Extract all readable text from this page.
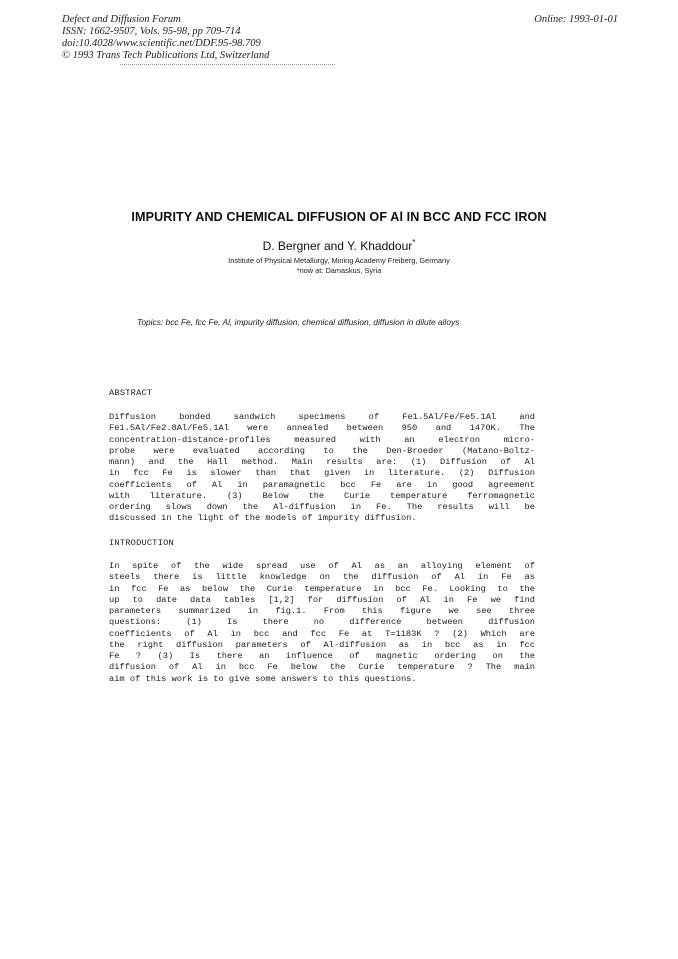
Defect and Diffusion Forum
ISSN: 1662-9507, Vols. 95-98, pp 709-714
doi:10.4028/www.scientific.net/DDF.95-98.709
© 1993 Trans Tech Publications Ltd, Switzerland
Online: 1993-01-01
IMPURITY AND CHEMICAL DIFFUSION OF Al IN BCC AND FCC IRON
D. Bergner and Y. Khaddour*
Institute of Physical Metallurgy, Mining Academy Freiberg, Germany
*now at: Damaskus, Syria
Topics: bcc Fe, fcc Fe, Al, impurity diffusion, chemical diffusion, diffusion in dilute alloys
ABSTRACT
Diffusion bonded sandwich specimens of Fe1.5Al/Fe/Fe5.1Al and
Fe1.5Al/Fe2.8Al/Fe5.1Al were annealed between 950 and 1470K. The
concentration-distance-profiles measured with an electron micro-
probe were evaluated according to the Den-Broeder (Matano-Boltz-
mann) and the Hall method. Main results are: (1) Diffusion of Al
in fcc Fe is slower than that given in literature. (2) Diffusion
coefficients of Al in paramagnetic bcc Fe are in good agreement
with literature. (3) Below the Curie temperature ferromagnetic
ordering slows down the Al-diffusion in Fe. The results will be
discussed in the light of the models of impurity diffusion.
INTRODUCTION
In spite of the wide spread use of Al as an alloying element of
steels there is little knowledge on the diffusion of Al in Fe as
in fcc Fe as below the Curie temperature in bcc Fe. Looking to the
up to date data tables [1,2] for diffusion of Al in Fe we find
parameters summarized in fig.1. From this figure we see three
questions: (1) Is there no difference between diffusion
coefficients of Al in bcc and fcc Fe at T=1183K ? (2) Which are
the right diffusion parameters of Al-diffusion as in bcc as in fcc
Fe ? (3) Is there an influence of magnetic ordering on the
diffusion of Al in bcc Fe below the Curie temperature ? The main
aim of this work is to give some answers to this questions.
